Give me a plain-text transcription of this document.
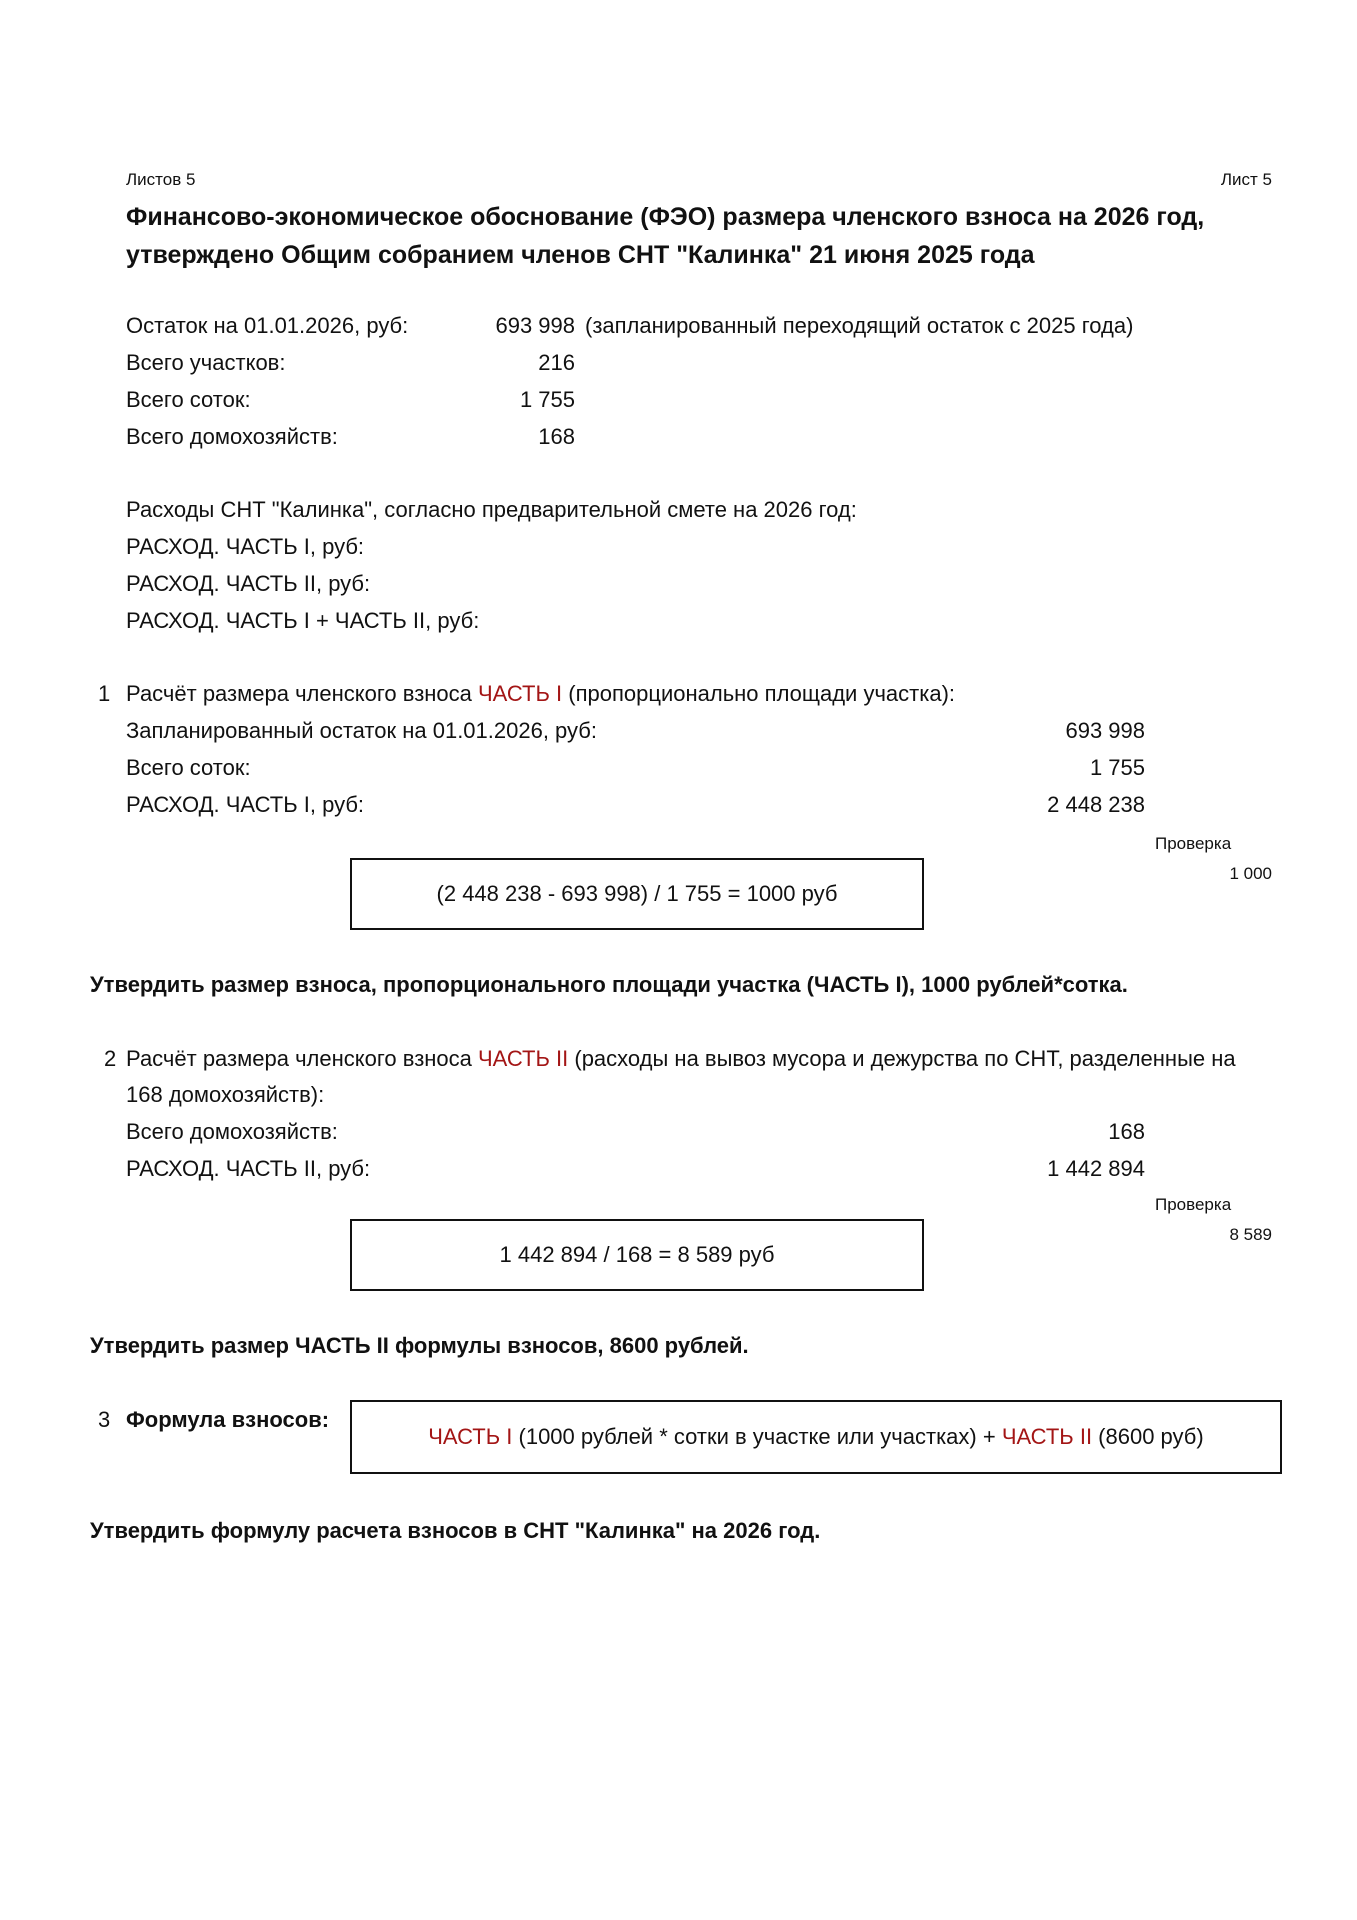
Листов 5	Лист 5
Финансово-экономическое обоснование (ФЭО) размера членского взноса на 2026 год,
утверждено Общим собранием членов СНТ "Калинка" 21 июня 2025 года
Остаток на 01.01.2026, руб:	693 998 (запланированный переходящий остаток с 2025 года)
Всего участков:	216
Всего соток:	1 755
Всего домохозяйств:	168
Расходы СНТ "Калинка", согласно предварительной смете на 2026 год:
РАСХОД. ЧАСТЬ I, руб:
РАСХОД. ЧАСТЬ II, руб:
РАСХОД. ЧАСТЬ I + ЧАСТЬ II, руб:
1 Расчёт размера членского взноса ЧАСТЬ I (пропорционально площади участка):
Запланированный остаток на 01.01.2026, руб:	693 998
Всего соток:	1 755
РАСХОД. ЧАСТЬ I, руб:	2 448 238
Проверка
1 000
(2 448 238 - 693 998) / 1 755 = 1000 руб
Утвердить размер взноса, пропорционального площади участка (ЧАСТЬ I), 1000 рублей*сотка.
2 Расчёт размера членского взноса ЧАСТЬ II (расходы на вывоз мусора и дежурства по СНТ, разделенные на
168 домохозяйств):
Всего домохозяйств:	168
РАСХОД. ЧАСТЬ II, руб:	1 442 894
Проверка
8 589
1 442 894 / 168 = 8 589 руб
Утвердить размер ЧАСТЬ II формулы взносов, 8600 рублей.
3 Формула взносов:
ЧАСТЬ I (1000 рублей * сотки в участке или участках) + ЧАСТЬ II (8600 руб)
Утвердить формулу расчета взносов в СНТ "Калинка" на 2026 год.
